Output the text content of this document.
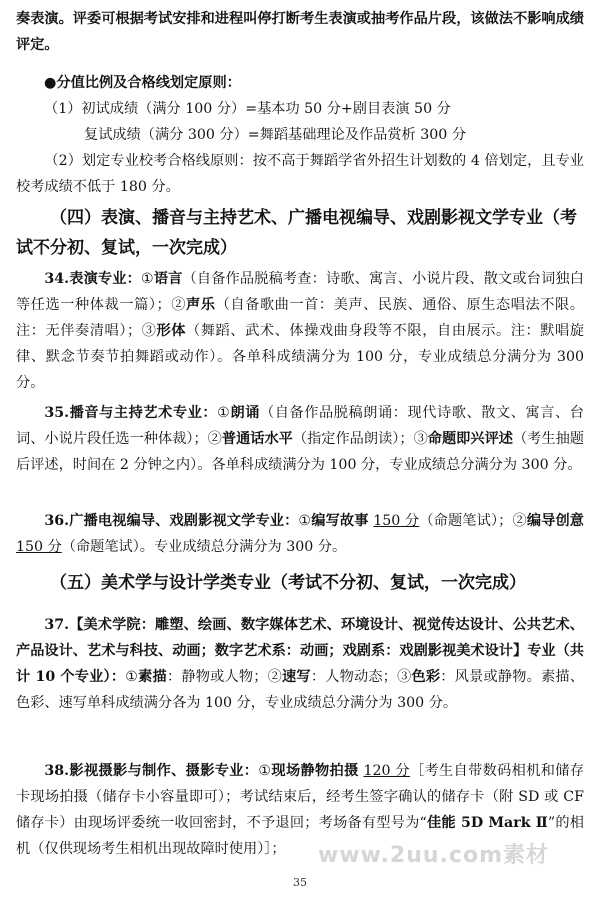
奏表演。评委可根据考试安排和进程叫停打断考生表演或抽考作品片段，该做法不影响成绩评定。

●分值比例及合格线划定原则：

（1）初试成绩（满分 100 分）=基本功 50 分+剧目表演 50 分

复试成绩（满分 300 分）=舞蹈基础理论及作品赏析 300 分

（2）划定专业校考合格线原则：按不高于舞蹈学省外招生计划数的 4 倍划定，且专业校考成绩不低于 180 分。

（四）表演、播音与主持艺术、广播电视编导、戏剧影视文学专业（考试不分初、复试，一次完成）

34.表演专业：①语言（自备作品脱稿考查：诗歌、寓言、小说片段、散文或台词独白等任选一种体裁一篇）；②声乐（自备歌曲一首：美声、民族、通俗、原生态唱法不限。注：无伴奏清唱）；③形体（舞蹈、武术、体操戏曲身段等不限，自由展示。注：默唱旋律、默念节奏节拍舞蹈或动作）。各单科成绩满分为 100 分，专业成绩总分满分为 300 分。

35.播音与主持艺术专业：①朗诵（自备作品脱稿朗诵：现代诗歌、散文、寓言、台词、小说片段任选一种体裁）；②普通话水平（指定作品朗读）；③命题即兴评述（考生抽题后评述，时间在 2 分钟之内）。各单科成绩满分为 100 分，专业成绩总分满分为 300 分。

36.广播电视编导、戏剧影视文学专业：①编写故事 150 分（命题笔试）；②编导创意 150 分（命题笔试）。专业成绩总分满分为 300 分。

（五）美术学与设计学类专业（考试不分初、复试，一次完成）

37.【美术学院：雕塑、绘画、数字媒体艺术、环境设计、视觉传达设计、公共艺术、产品设计、艺术与科技、动画；数字艺术系：动画；戏剧系：戏剧影视美术设计】专业（共计 10 个专业）：①素描：静物或人物；②速写：人物动态；③色彩：风景或静物。素描、色彩、速写单科成绩满分各为 100 分，专业成绩总分满分为 300 分。

38.影视摄影与制作、摄影专业：①现场静物拍摄 120 分［考生自带数码相机和储存卡现场拍摄（储存卡小容量即可）；考试结束后，经考生签字确认的储存卡（附 SD 或 CF 储存卡）由现场评委统一收回密封，不予退回；考场备有型号为“佳能 5D Mark Ⅱ”的相机（仅供现场考生相机出现故障时使用）］；	www.2uu.com素材
35
